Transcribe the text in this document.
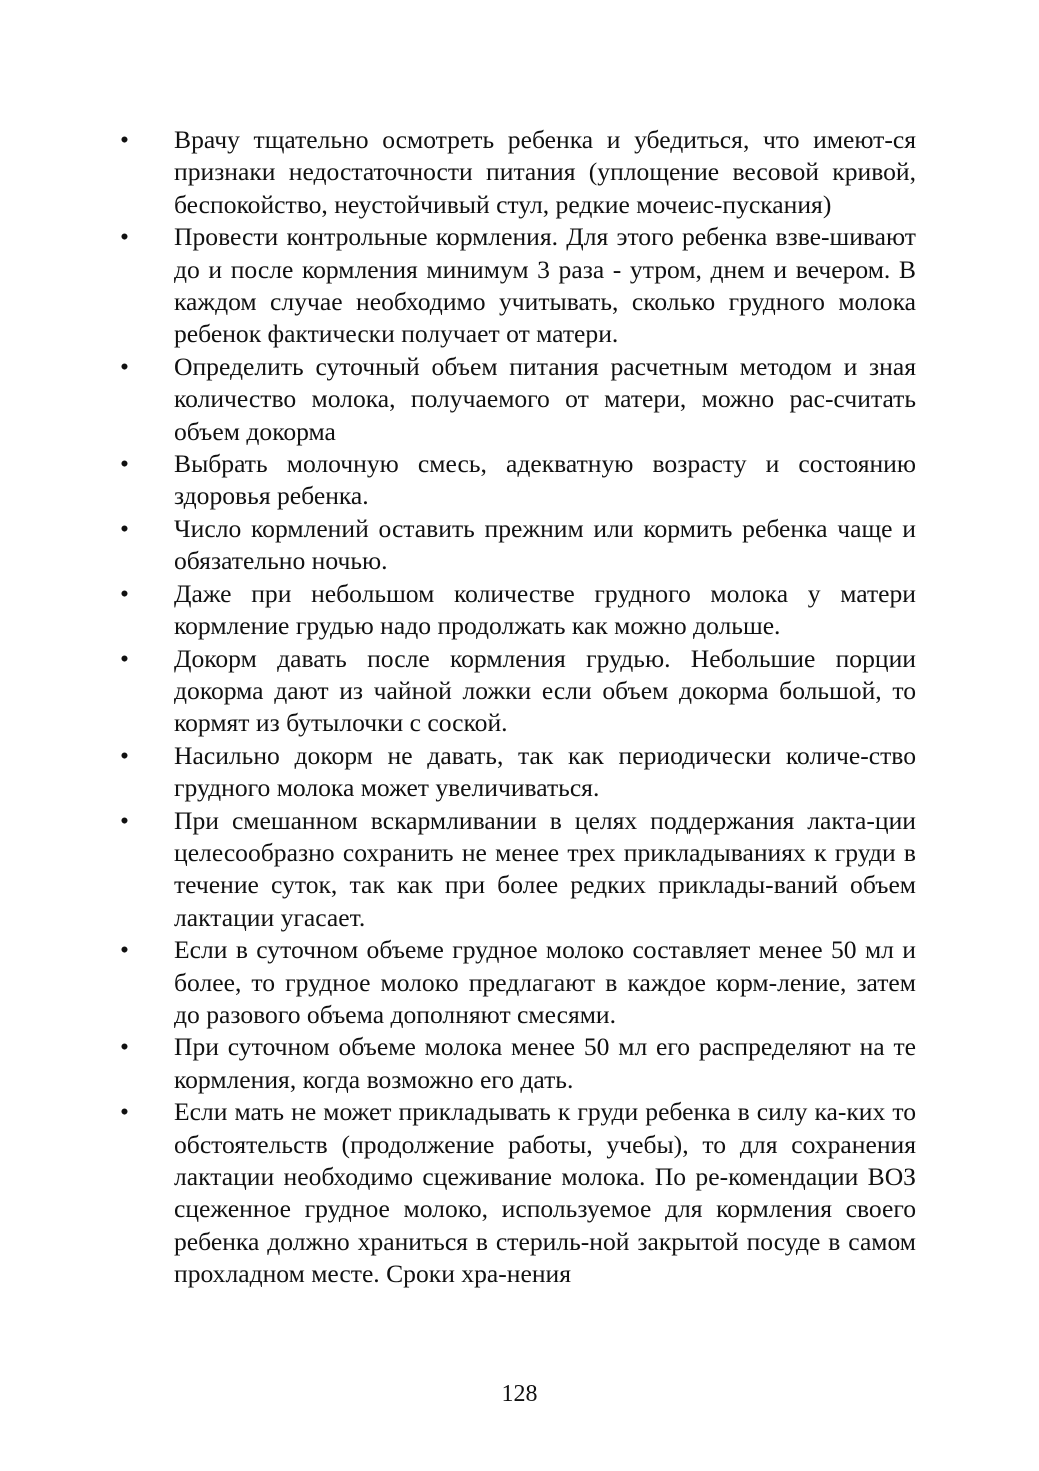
•	Врачу тщательно осмотреть ребенка и убедиться, что имеют-ся признаки недостаточности питания (уплощение весовой кривой, беспокойство, неустойчивый стул, редкие мочеис-пускания)
•	Провести контрольные кормления. Для этого ребенка взве-шивают до и после кормления минимум 3 раза - утром, днем и вечером. В каждом случае необходимо учитывать, сколько грудного молока ребенок фактически получает от матери.
•	Определить суточный объем питания расчетным методом и зная количество молока, получаемого от матери, можно рас-считать объем докорма
•	Выбрать молочную смесь, адекватную возрасту и состоянию здоровья ребенка.
•	Число кормлений оставить прежним или кормить ребенка чаще и обязательно ночью.
•	Даже при небольшом количестве грудного молока у матери кормление грудью надо продолжать как можно дольше.
•	Докорм давать после кормления грудью. Небольшие порции докорма дают из чайной ложки если объем докорма большой, то кормят из бутылочки с соской.
•	Насильно докорм не давать, так как периодически количе-ство грудного молока может увеличиваться.
•	При смешанном вскармливании в целях поддержания лакта-ции целесообразно сохранить не менее трех прикладываниях к груди в течение суток, так как при более редких приклады-ваний объем лактации угасает.
•	Если в суточном объеме грудное молоко составляет менее 50 мл и более, то грудное молоко предлагают в каждое корм-ление, затем до разового объема дополняют смесями.
•	При суточном объеме молока менее 50 мл его распределяют на те кормления, когда возможно его дать.
•	Если мать не может прикладывать к груди ребенка в силу ка-ких то обстоятельств (продолжение работы, учебы), то для сохранения лактации необходимо сцеживание молока. По ре-комендации ВОЗ сцеженное грудное молоко, используемое для кормления своего ребенка должно храниться в стериль-ной закрытой посуде в самом прохладном месте. Сроки хра-нения
128
